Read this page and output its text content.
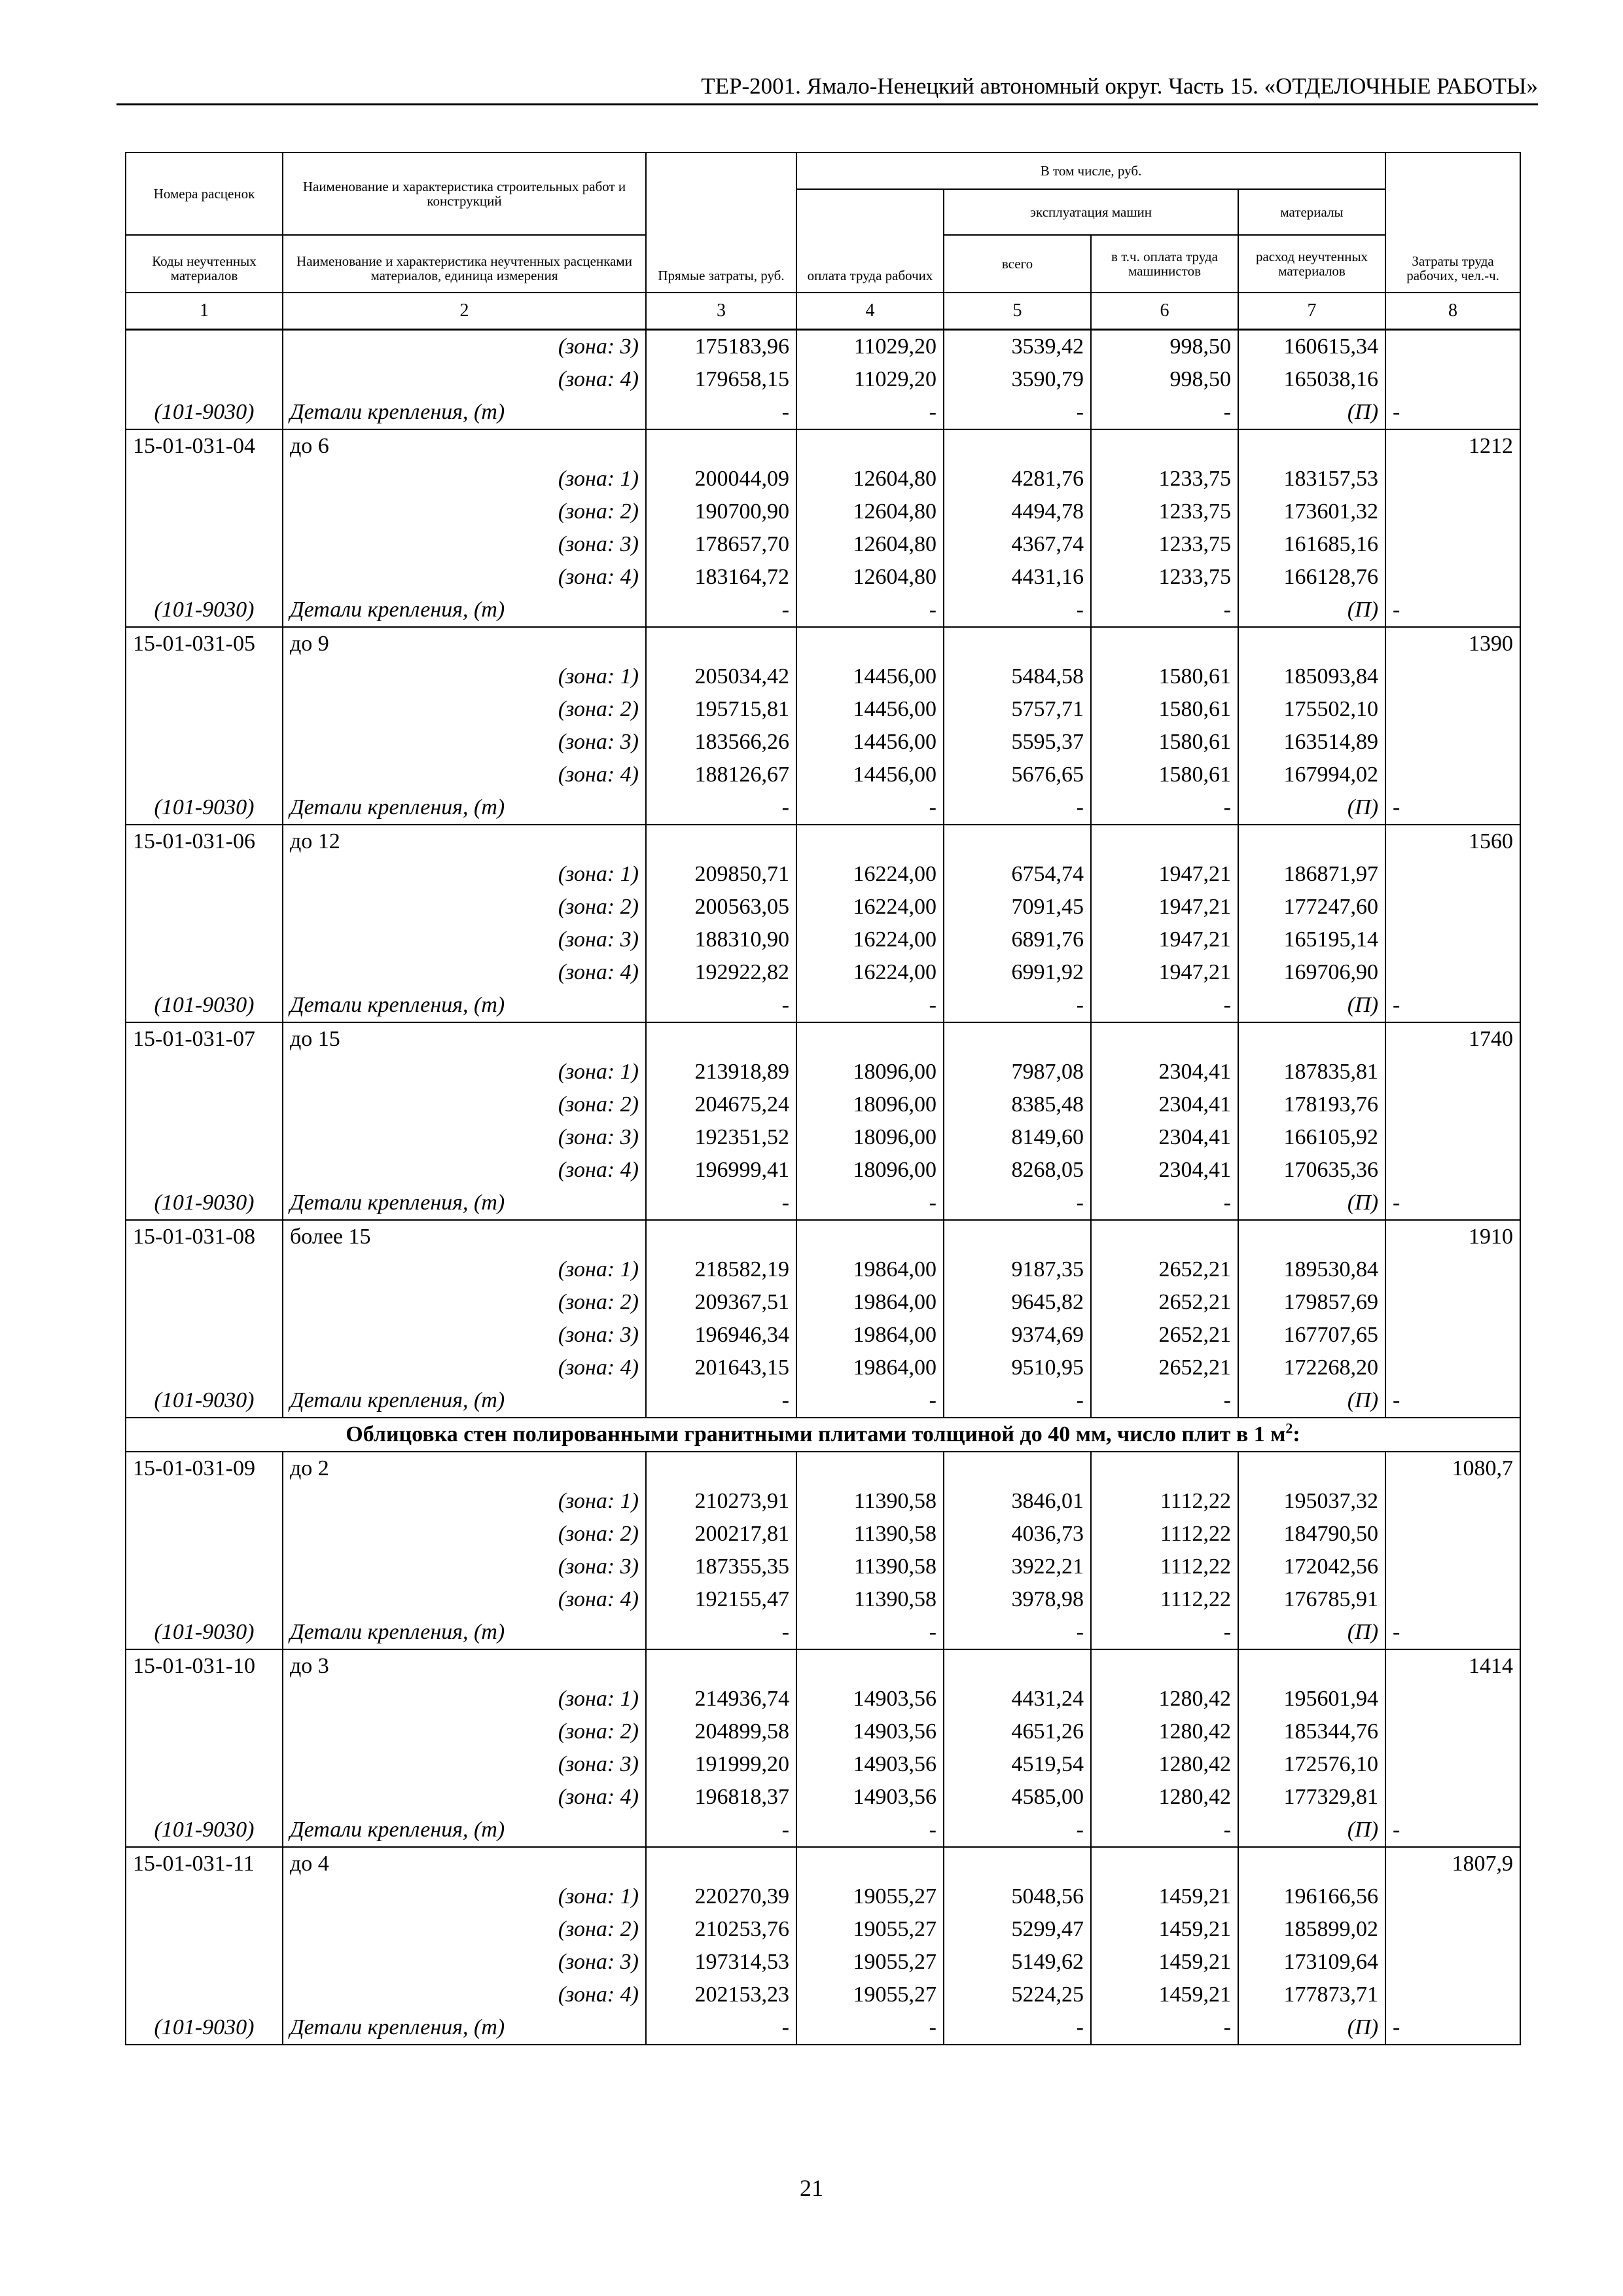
ТЕР-2001. Ямало-Ненецкий автономный округ. Часть 15. «ОТДЕЛОЧНЫЕ РАБОТЫ»
Номера расценок	Наименование и характеристика строительных работ и конструкций	Прямые затраты, руб.	В том числе, руб.				Затраты труда рабочих, чел.-ч.
			оплата труда рабочих	эксплуатация машин		материалы	
Коды неучтенных материалов	Наименование и характеристика неучтенных расценками материалов, единица измерения			всего	в т.ч. оплата труда машинистов	расход неучтенных материалов	

1	2	3	4	5	6	7	8
	(зона: 3)	175183,96	11029,20	3539,42	998,50	160615,34	
	(зона: 4)	179658,15	11029,20	3590,79	998,50	165038,16	
(101-9030)	Детали крепления, (т)	-	-	-	-	(П)	-
15-01-031-04	до 6						1212
	(зона: 1)	200044,09	12604,80	4281,76	1233,75	183157,53	
	(зона: 2)	190700,90	12604,80	4494,78	1233,75	173601,32	
	(зона: 3)	178657,70	12604,80	4367,74	1233,75	161685,16	
	(зона: 4)	183164,72	12604,80	4431,16	1233,75	166128,76	
(101-9030)	Детали крепления, (т)	-	-	-	-	(П)	-
15-01-031-05	до 9						1390
	(зона: 1)	205034,42	14456,00	5484,58	1580,61	185093,84	
	(зона: 2)	195715,81	14456,00	5757,71	1580,61	175502,10	
	(зона: 3)	183566,26	14456,00	5595,37	1580,61	163514,89	
	(зона: 4)	188126,67	14456,00	5676,65	1580,61	167994,02	
(101-9030)	Детали крепления, (т)	-	-	-	-	(П)	-
15-01-031-06	до 12						1560
	(зона: 1)	209850,71	16224,00	6754,74	1947,21	186871,97	
	(зона: 2)	200563,05	16224,00	7091,45	1947,21	177247,60	
	(зона: 3)	188310,90	16224,00	6891,76	1947,21	165195,14	
	(зона: 4)	192922,82	16224,00	6991,92	1947,21	169706,90	
(101-9030)	Детали крепления, (т)	-	-	-	-	(П)	-
15-01-031-07	до 15						1740
	(зона: 1)	213918,89	18096,00	7987,08	2304,41	187835,81	
	(зона: 2)	204675,24	18096,00	8385,48	2304,41	178193,76	
	(зона: 3)	192351,52	18096,00	8149,60	2304,41	166105,92	
	(зона: 4)	196999,41	18096,00	8268,05	2304,41	170635,36	
(101-9030)	Детали крепления, (т)	-	-	-	-	(П)	-
15-01-031-08	более 15						1910
	(зона: 1)	218582,19	19864,00	9187,35	2652,21	189530,84	
	(зона: 2)	209367,51	19864,00	9645,82	2652,21	179857,69	
	(зона: 3)	196946,34	19864,00	9374,69	2652,21	167707,65	
	(зона: 4)	201643,15	19864,00	9510,95	2652,21	172268,20	
(101-9030)	Детали крепления, (т)	-	-	-	-	(П)	-
Облицовка стен полированными гранитными плитами толщиной до 40 мм, число плит в 1 $м^2$:							
15-01-031-09	до 2						1080,7
	(зона: 1)	210273,91	11390,58	3846,01	1112,22	195037,32	
	(зона: 2)	200217,81	11390,58	4036,73	1112,22	184790,50	
	(зона: 3)	187355,35	11390,58	3922,21	1112,22	172042,56	
	(зона: 4)	192155,47	11390,58	3978,98	1112,22	176785,91	
(101-9030)	Детали крепления, (т)	-	-	-	-	(П)	-
15-01-031-10	до 3						1414
	(зона: 1)	214936,74	14903,56	4431,24	1280,42	195601,94	
	(зона: 2)	204899,58	14903,56	4651,26	1280,42	185344,76	
	(зона: 3)	191999,20	14903,56	4519,54	1280,42	172576,10	
	(зона: 4)	196818,37	14903,56	4585,00	1280,42	177329,81	
(101-9030)	Детали крепления, (т)	-	-	-	-	(П)	-
15-01-031-11	до 4						1807,9
	(зона: 1)	220270,39	19055,27	5048,56	1459,21	196166,56	
	(зона: 2)	210253,76	19055,27	5299,47	1459,21	185899,02	
	(зона: 3)	197314,53	19055,27	5149,62	1459,21	173109,64	
	(зона: 4)	202153,23	19055,27	5224,25	1459,21	177873,71	
(101-9030)	Детали крепления, (т)	-	-	-	-	(П)	-
21
